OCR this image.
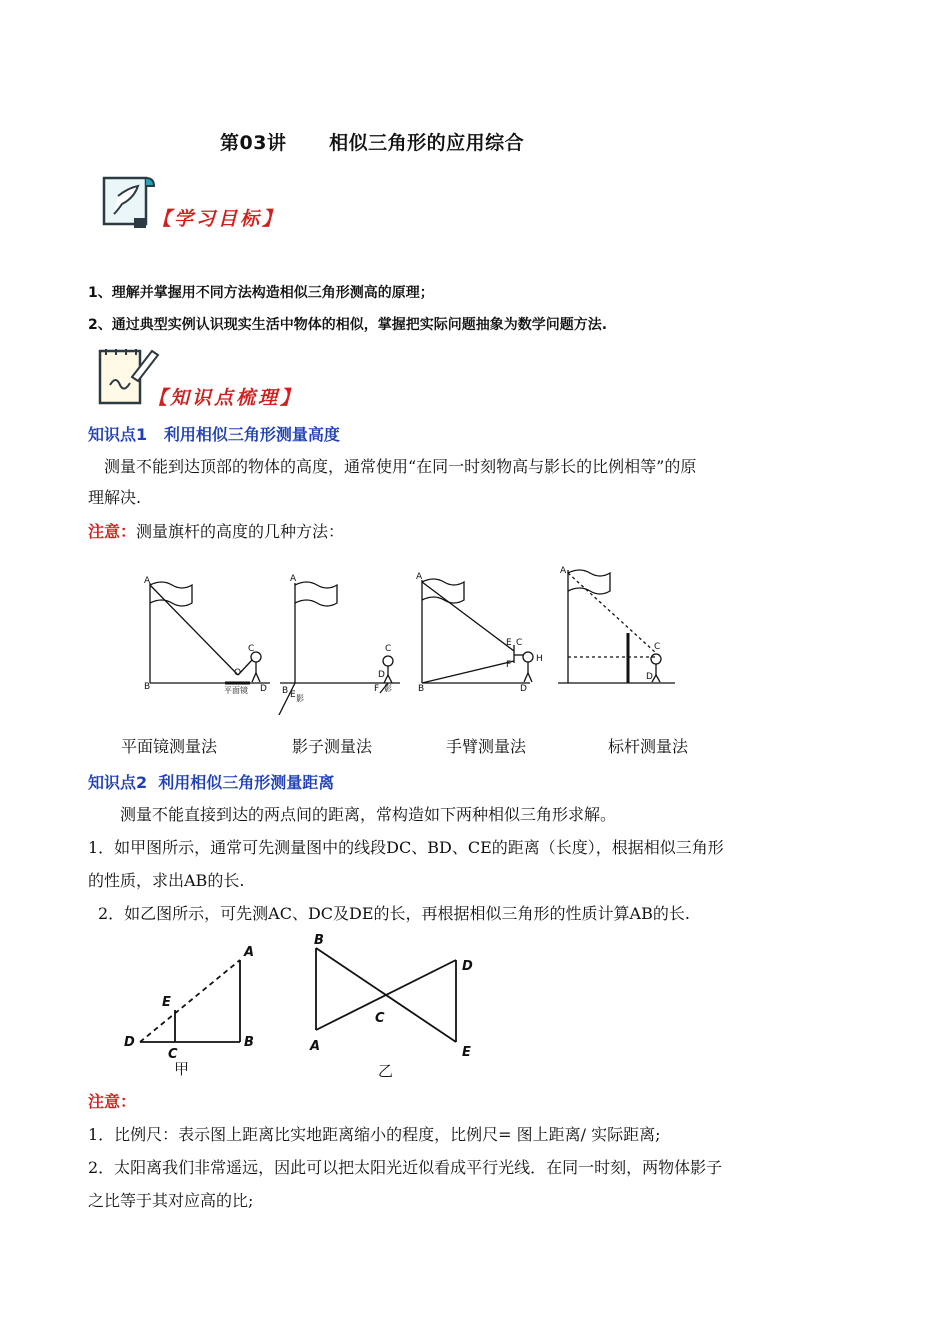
第03讲      相似三角形的应用综合
【学习目标】
1、理解并掌握用不同方法构造相似三角形测高的原理；
2、通过典型实例认识现实生活中物体的相似，掌握把实际问题抽象为数学问题方法.
【知识点梳理】
知识点1   利用相似三角形测量高度
测量不能到达顶部的物体的高度，通常使用“在同一时刻物高与影长的比例相等”的原
理解决.
注意：测量旗杆的高度的几种方法：
A
B
C
O
D
平面镜
A
B
C
D
E 影
F 影
A
B
E C
F
H
D
A
C
D
平面镜测量法	影子测量法	手臂测量法	标杆测量法
知识点2  利用相似三角形测量距离
测量不能直接到达的两点间的距离，常构造如下两种相似三角形求解。
1．如甲图所示，通常可先测量图中的线段DC、BD、CE的距离（长度），根据相似三角形
的性质，求出AB的长.
2．如乙图所示，可先测AC、DC及DE的长，再根据相似三角形的性质计算AB的长.
A
E
D
C
B
B
D
C
A	E
甲	乙
注意：
1．比例尺：表示图上距离比实地距离缩小的程度，比例尺= 图上距离/ 实际距离;
2．太阳离我们非常遥远，因此可以把太阳光近似看成平行光线．在同一时刻，两物体影子
之比等于其对应高的比;
